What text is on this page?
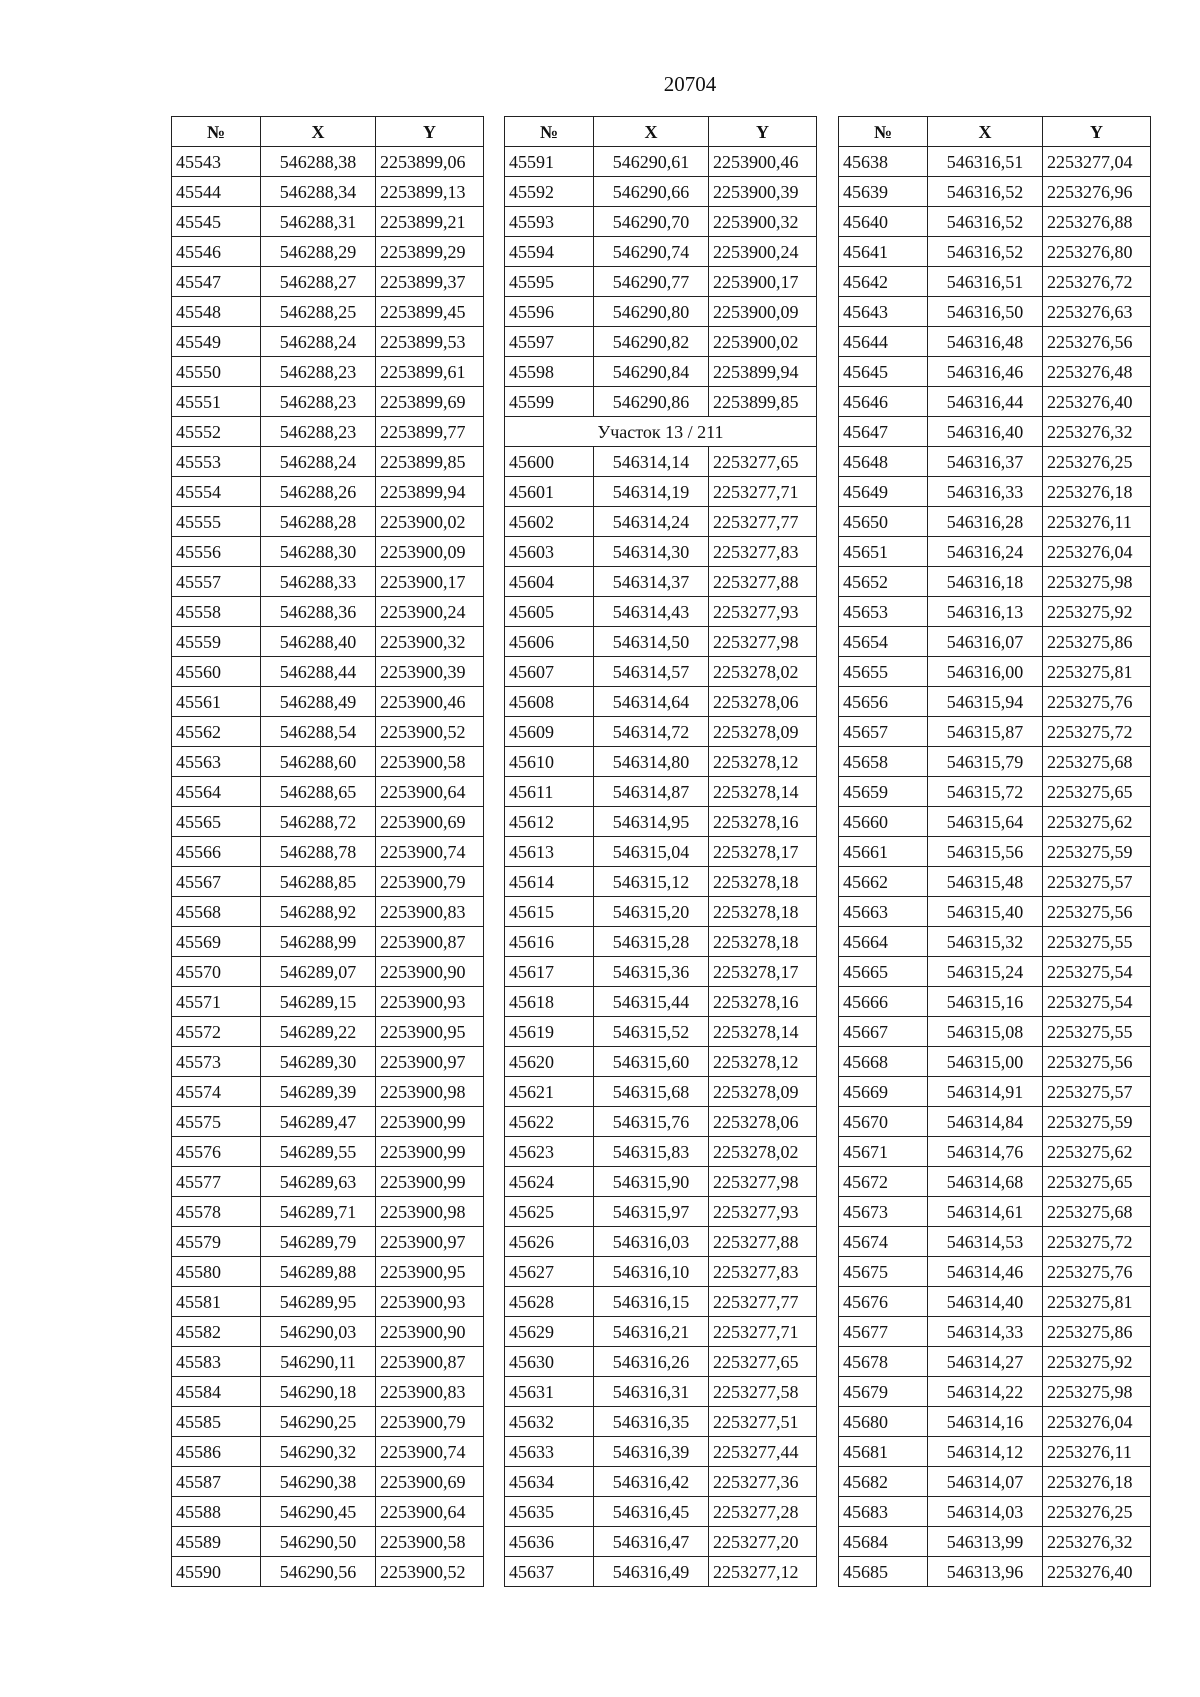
20704
№	X	Y
45543	546288,38	2253899,06
45544	546288,34	2253899,13
45545	546288,31	2253899,21
45546	546288,29	2253899,29
45547	546288,27	2253899,37
45548	546288,25	2253899,45
45549	546288,24	2253899,53
45550	546288,23	2253899,61
45551	546288,23	2253899,69
45552	546288,23	2253899,77
45553	546288,24	2253899,85
45554	546288,26	2253899,94
45555	546288,28	2253900,02
45556	546288,30	2253900,09
45557	546288,33	2253900,17
45558	546288,36	2253900,24
45559	546288,40	2253900,32
45560	546288,44	2253900,39
45561	546288,49	2253900,46
45562	546288,54	2253900,52
45563	546288,60	2253900,58
45564	546288,65	2253900,64
45565	546288,72	2253900,69
45566	546288,78	2253900,74
45567	546288,85	2253900,79
45568	546288,92	2253900,83
45569	546288,99	2253900,87
45570	546289,07	2253900,90
45571	546289,15	2253900,93
45572	546289,22	2253900,95
45573	546289,30	2253900,97
45574	546289,39	2253900,98
45575	546289,47	2253900,99
45576	546289,55	2253900,99
45577	546289,63	2253900,99
45578	546289,71	2253900,98
45579	546289,79	2253900,97
45580	546289,88	2253900,95
45581	546289,95	2253900,93
45582	546290,03	2253900,90
45583	546290,11	2253900,87
45584	546290,18	2253900,83
45585	546290,25	2253900,79
45586	546290,32	2253900,74
45587	546290,38	2253900,69
45588	546290,45	2253900,64
45589	546290,50	2253900,58
45590	546290,56	2253900,52
№	X	Y
45591	546290,61	2253900,46
45592	546290,66	2253900,39
45593	546290,70	2253900,32
45594	546290,74	2253900,24
45595	546290,77	2253900,17
45596	546290,80	2253900,09
45597	546290,82	2253900,02
45598	546290,84	2253899,94
45599	546290,86	2253899,85
Участок 13 / 211		
45600	546314,14	2253277,65
45601	546314,19	2253277,71
45602	546314,24	2253277,77
45603	546314,30	2253277,83
45604	546314,37	2253277,88
45605	546314,43	2253277,93
45606	546314,50	2253277,98
45607	546314,57	2253278,02
45608	546314,64	2253278,06
45609	546314,72	2253278,09
45610	546314,80	2253278,12
45611	546314,87	2253278,14
45612	546314,95	2253278,16
45613	546315,04	2253278,17
45614	546315,12	2253278,18
45615	546315,20	2253278,18
45616	546315,28	2253278,18
45617	546315,36	2253278,17
45618	546315,44	2253278,16
45619	546315,52	2253278,14
45620	546315,60	2253278,12
45621	546315,68	2253278,09
45622	546315,76	2253278,06
45623	546315,83	2253278,02
45624	546315,90	2253277,98
45625	546315,97	2253277,93
45626	546316,03	2253277,88
45627	546316,10	2253277,83
45628	546316,15	2253277,77
45629	546316,21	2253277,71
45630	546316,26	2253277,65
45631	546316,31	2253277,58
45632	546316,35	2253277,51
45633	546316,39	2253277,44
45634	546316,42	2253277,36
45635	546316,45	2253277,28
45636	546316,47	2253277,20
45637	546316,49	2253277,12
№	X	Y
45638	546316,51	2253277,04
45639	546316,52	2253276,96
45640	546316,52	2253276,88
45641	546316,52	2253276,80
45642	546316,51	2253276,72
45643	546316,50	2253276,63
45644	546316,48	2253276,56
45645	546316,46	2253276,48
45646	546316,44	2253276,40
45647	546316,40	2253276,32
45648	546316,37	2253276,25
45649	546316,33	2253276,18
45650	546316,28	2253276,11
45651	546316,24	2253276,04
45652	546316,18	2253275,98
45653	546316,13	2253275,92
45654	546316,07	2253275,86
45655	546316,00	2253275,81
45656	546315,94	2253275,76
45657	546315,87	2253275,72
45658	546315,79	2253275,68
45659	546315,72	2253275,65
45660	546315,64	2253275,62
45661	546315,56	2253275,59
45662	546315,48	2253275,57
45663	546315,40	2253275,56
45664	546315,32	2253275,55
45665	546315,24	2253275,54
45666	546315,16	2253275,54
45667	546315,08	2253275,55
45668	546315,00	2253275,56
45669	546314,91	2253275,57
45670	546314,84	2253275,59
45671	546314,76	2253275,62
45672	546314,68	2253275,65
45673	546314,61	2253275,68
45674	546314,53	2253275,72
45675	546314,46	2253275,76
45676	546314,40	2253275,81
45677	546314,33	2253275,86
45678	546314,27	2253275,92
45679	546314,22	2253275,98
45680	546314,16	2253276,04
45681	546314,12	2253276,11
45682	546314,07	2253276,18
45683	546314,03	2253276,25
45684	546313,99	2253276,32
45685	546313,96	2253276,40
